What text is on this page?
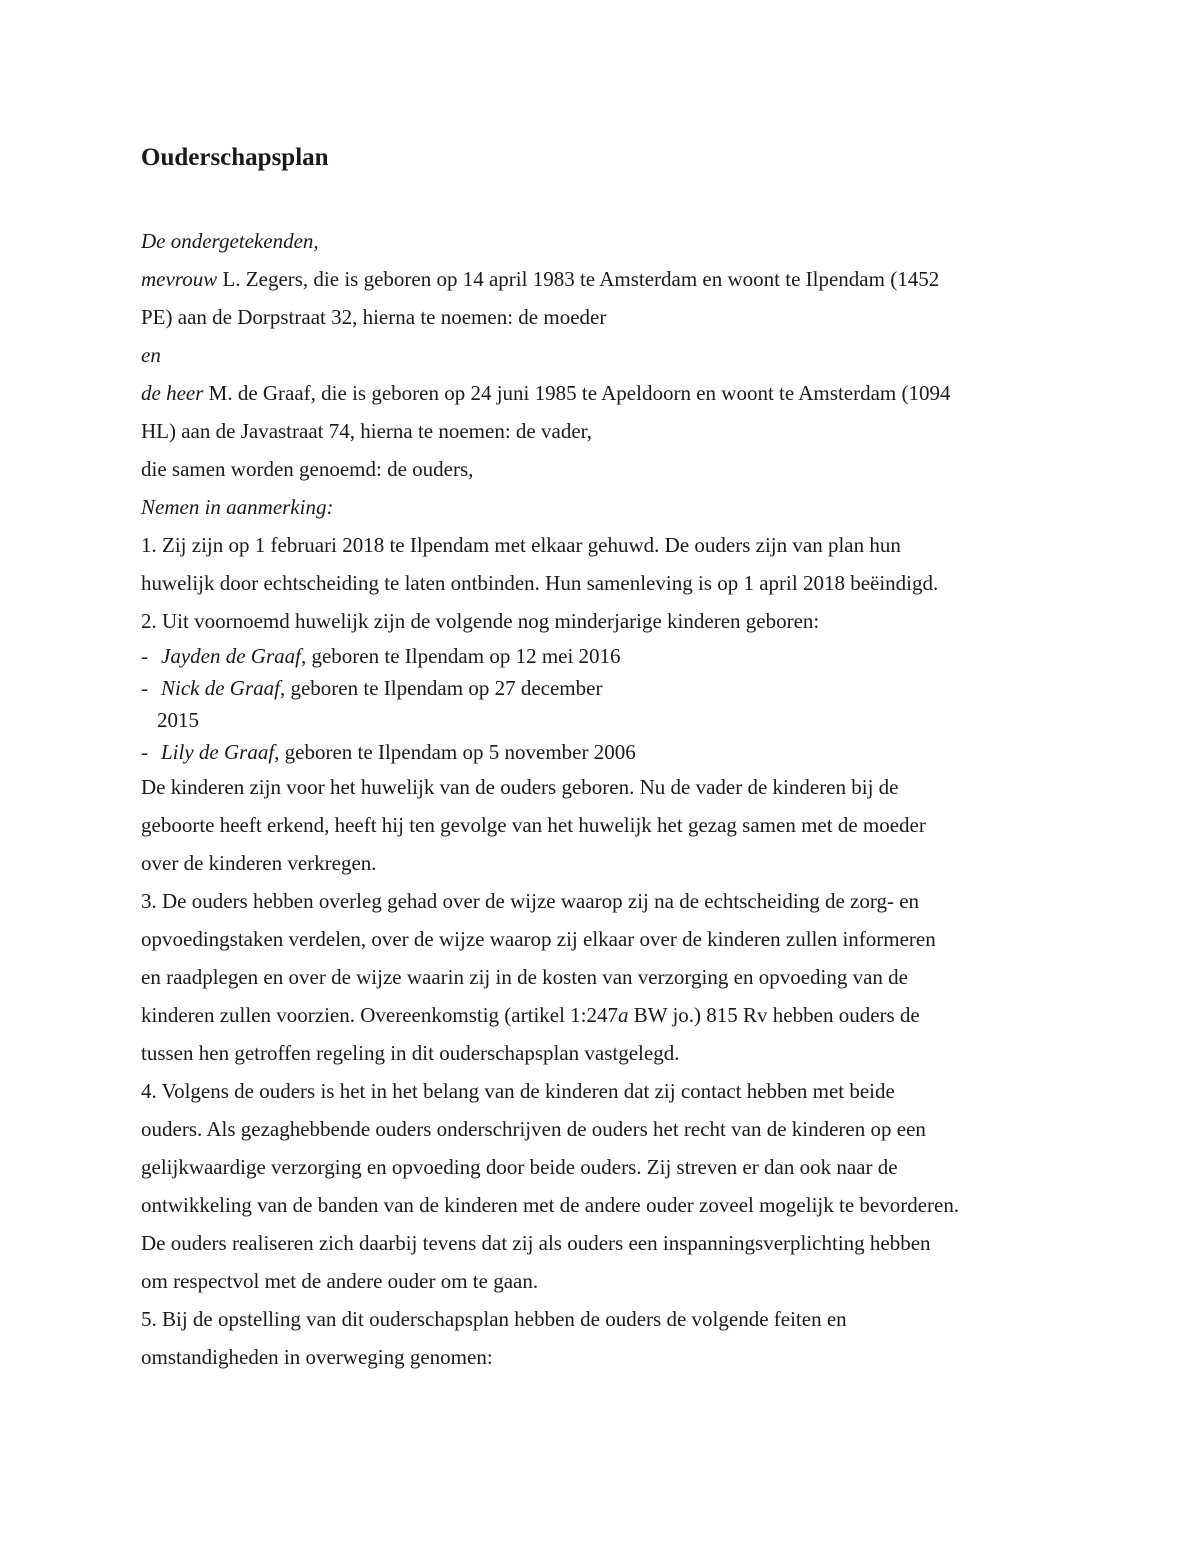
Ouderschapsplan
De ondergetekenden,
mevrouw L. Zegers, die is geboren op 14 april 1983 te Amsterdam en woont te Ilpendam (1452
PE) aan de Dorpstraat 32, hierna te noemen: de moeder
en
de heer M. de Graaf, die is geboren op 24 juni 1985 te Apeldoorn en woont te Amsterdam (1094
HL) aan de Javastraat 74, hierna te noemen: de vader,
die samen worden genoemd: de ouders,
Nemen in aanmerking:
1. Zij zijn op 1 februari 2018 te Ilpendam met elkaar gehuwd. De ouders zijn van plan hun
huwelijk door echtscheiding te laten ontbinden. Hun samenleving is op 1 april 2018 beëindigd.
2. Uit voornoemd huwelijk zijn de volgende nog minderjarige kinderen geboren:
- Jayden de Graaf, geboren te Ilpendam op 12 mei 2016
- Nick de Graaf, geboren te Ilpendam op 27 december
2015
- Lily de Graaf, geboren te Ilpendam op 5 november 2006
De kinderen zijn voor het huwelijk van de ouders geboren. Nu de vader de kinderen bij de
geboorte heeft erkend, heeft hij ten gevolge van het huwelijk het gezag samen met de moeder
over de kinderen verkregen.
3. De ouders hebben overleg gehad over de wijze waarop zij na de echtscheiding de zorg- en
opvoedingstaken verdelen, over de wijze waarop zij elkaar over de kinderen zullen informeren
en raadplegen en over de wijze waarin zij in de kosten van verzorging en opvoeding van de
kinderen zullen voorzien. Overeenkomstig (artikel 1:247a BW jo.) 815 Rv hebben ouders de
tussen hen getroffen regeling in dit ouderschapsplan vastgelegd.
4. Volgens de ouders is het in het belang van de kinderen dat zij contact hebben met beide
ouders. Als gezaghebbende ouders onderschrijven de ouders het recht van de kinderen op een
gelijkwaardige verzorging en opvoeding door beide ouders. Zij streven er dan ook naar de
ontwikkeling van de banden van de kinderen met de andere ouder zoveel mogelijk te bevorderen.
De ouders realiseren zich daarbij tevens dat zij als ouders een inspanningsverplichting hebben
om respectvol met de andere ouder om te gaan.
5. Bij de opstelling van dit ouderschapsplan hebben de ouders de volgende feiten en
omstandigheden in overweging genomen:
